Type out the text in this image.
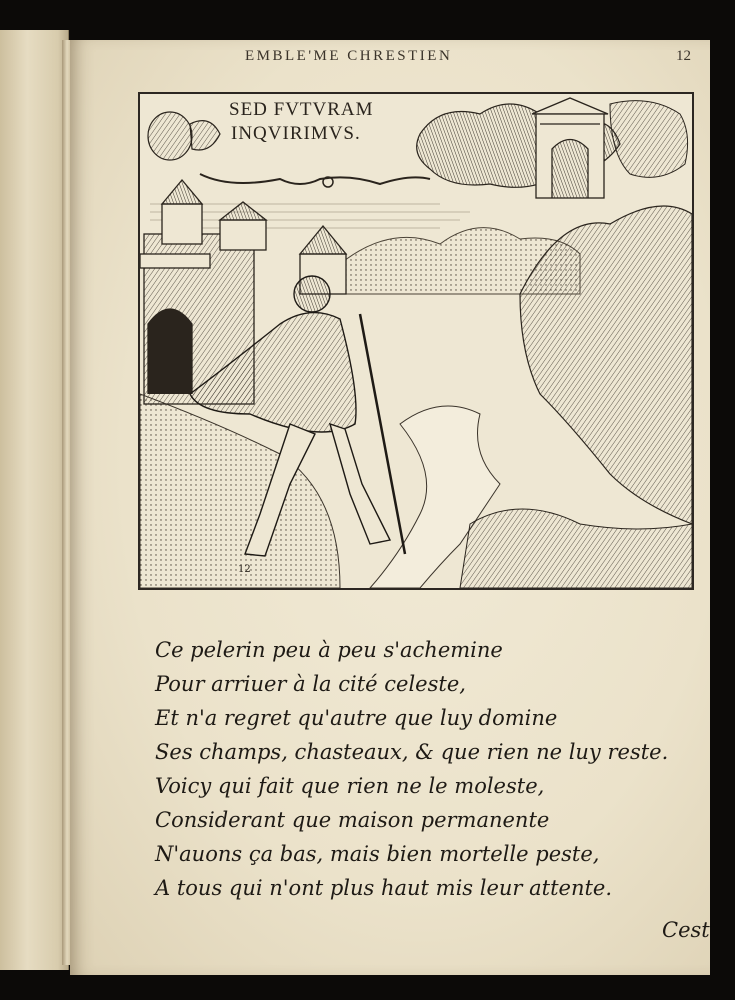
EMBLE'ME CHRESTIEN	12
SED FVTVRAM
INQVIRIMVS.
12
Ce pelerin peu à peu s'achemine
Pour arriuer à la cité celeste,
Et n'a regret qu'autre que luy domine
Ses champs, chasteaux, & que rien ne luy reste.
Voicy qui fait que rien ne le moleste,
Considerant que maison permanente
N'auons ça bas, mais bien mortelle peste,
A tous qui n'ont plus haut mis leur attente.
Cest
